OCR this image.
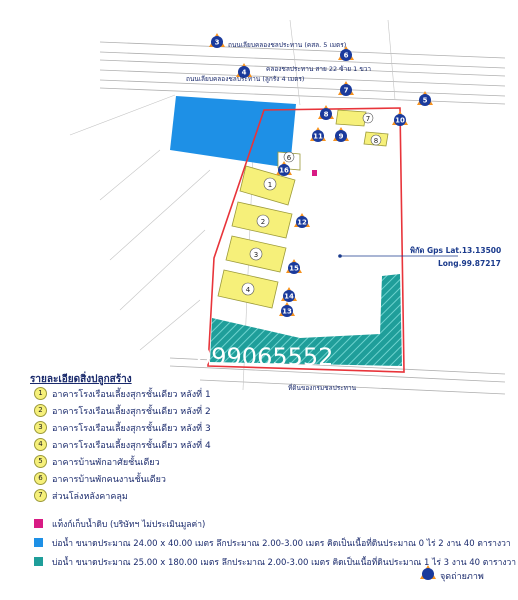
1
2
3
4
6
7
8
3
6
4
7
5
8
10
9
11
16
12
15
14
13
ถนนเลียบคลองชลประทาน (คสล. 5 เมตร)
คลองชลประทาน สาย 22 ซ้าย 1 ขวา
ถนนเลียบคลองชลประทาน (ลูกรัง 4 เมตร)
ที่ดินของกรมชลประทาน
พิกัด Gps Lat.13.13500
Long.99.87217
099065552
รายละเอียดสิ่งปลูกสร้าง
1	อาคารโรงเรือนเลี้ยงสุกรชั้นเดียว หลังที่ 1
2	อาคารโรงเรือนเลี้ยงสุกรชั้นเดียว หลังที่ 2
3	อาคารโรงเรือนเลี้ยงสุกรชั้นเดียว หลังที่ 3
4	อาคารโรงเรือนเลี้ยงสุกรชั้นเดียว หลังที่ 4
5	อาคารบ้านพักอาศัยชั้นเดียว
6	อาคารบ้านพักคนงานชั้นเดียว
7	ส่วนโล่งหลังคาคลุม
แท็งก์เก็บน้ำดิบ (บริษัทฯ ไม่ประเมินมูลค่า)
บ่อน้ำ ขนาดประมาณ 24.00 x 40.00 เมตร ลึกประมาณ 2.00-3.00 เมตร คิดเป็นเนื้อที่ดินประมาณ 0 ไร่ 2 งาน 40 ตารางวา
บ่อน้ำ ขนาดประมาณ 25.00 x 180.00 เมตร ลึกประมาณ 2.00-3.00 เมตร คิดเป็นเนื้อที่ดินประมาณ 1 ไร่ 3 งาน 40 ตารางวา
จุดถ่ายภาพ
